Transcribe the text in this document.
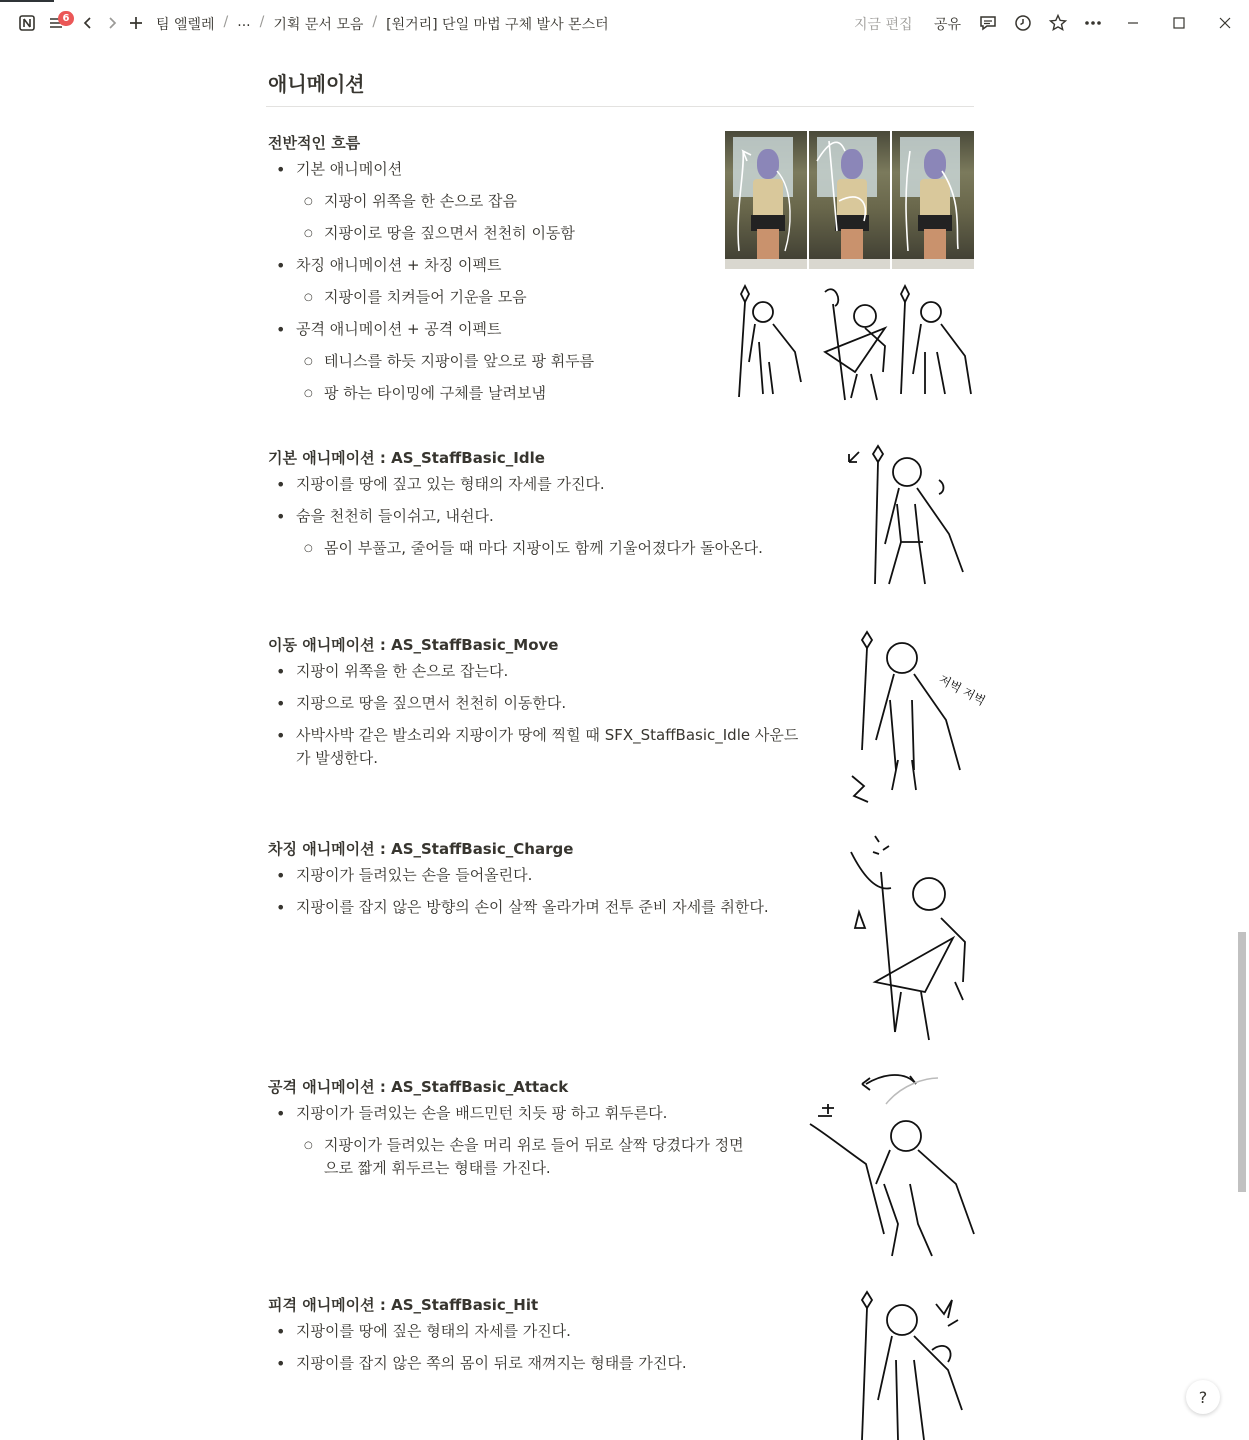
6	팀 엘렐레 / ... / 기획 문서 모음 / [원거리] 단일 마법 구체 발사 몬스터	지금 편집 공유
애니메이션
전반적인 흐름
• 기본 애니메이션
○ 지팡이 위쪽을 한 손으로 잡음
○ 지팡이로 땅을 짚으면서 천천히 이동함
• 차징 애니메이션 + 차징 이펙트
○ 지팡이를 치켜들어 기운을 모음
• 공격 애니메이션 + 공격 이펙트
○ 테니스를 하듯 지팡이를 앞으로 팡 휘두름
○ 팡 하는 타이밍에 구체를 날려보냄
기본 애니메이션 : AS_StaffBasic_Idle
• 지팡이를 땅에 짚고 있는 형태의 자세를 가진다.
• 숨을 천천히 들이쉬고, 내쉰다.
○ 몸이 부풀고, 줄어들 때 마다 지팡이도 함께 기울어졌다가 돌아온다.
이동 애니메이션 : AS_StaffBasic_Move
• 지팡이 위쪽을 한 손으로 잡는다.
• 지팡으로 땅을 짚으면서 천천히 이동한다.
• 사박사박 같은 발소리와 지팡이가 땅에 찍힐 때 SFX_StaffBasic_Idle 사운드가 발생한다.
차징 애니메이션 : AS_StaffBasic_Charge
• 지팡이가 들려있는 손을 들어올린다.
• 지팡이를 잡지 않은 방향의 손이 살짝 올라가며 전투 준비 자세를 취한다.
공격 애니메이션 : AS_StaffBasic_Attack
• 지팡이가 들려있는 손을 배드민턴 치듯 팡 하고 휘두른다.
○ 지팡이가 들려있는 손을 머리 위로 들어 뒤로 살짝 당겼다가 정면으로 짧게 휘두르는 형태를 가진다.
피격 애니메이션 : AS_StaffBasic_Hit
• 지팡이를 땅에 짚은 형태의 자세를 가진다.
• 지팡이를 잡지 않은 쪽의 몸이 뒤로 재껴지는 형태를 가진다.
저벅 저벅
?
